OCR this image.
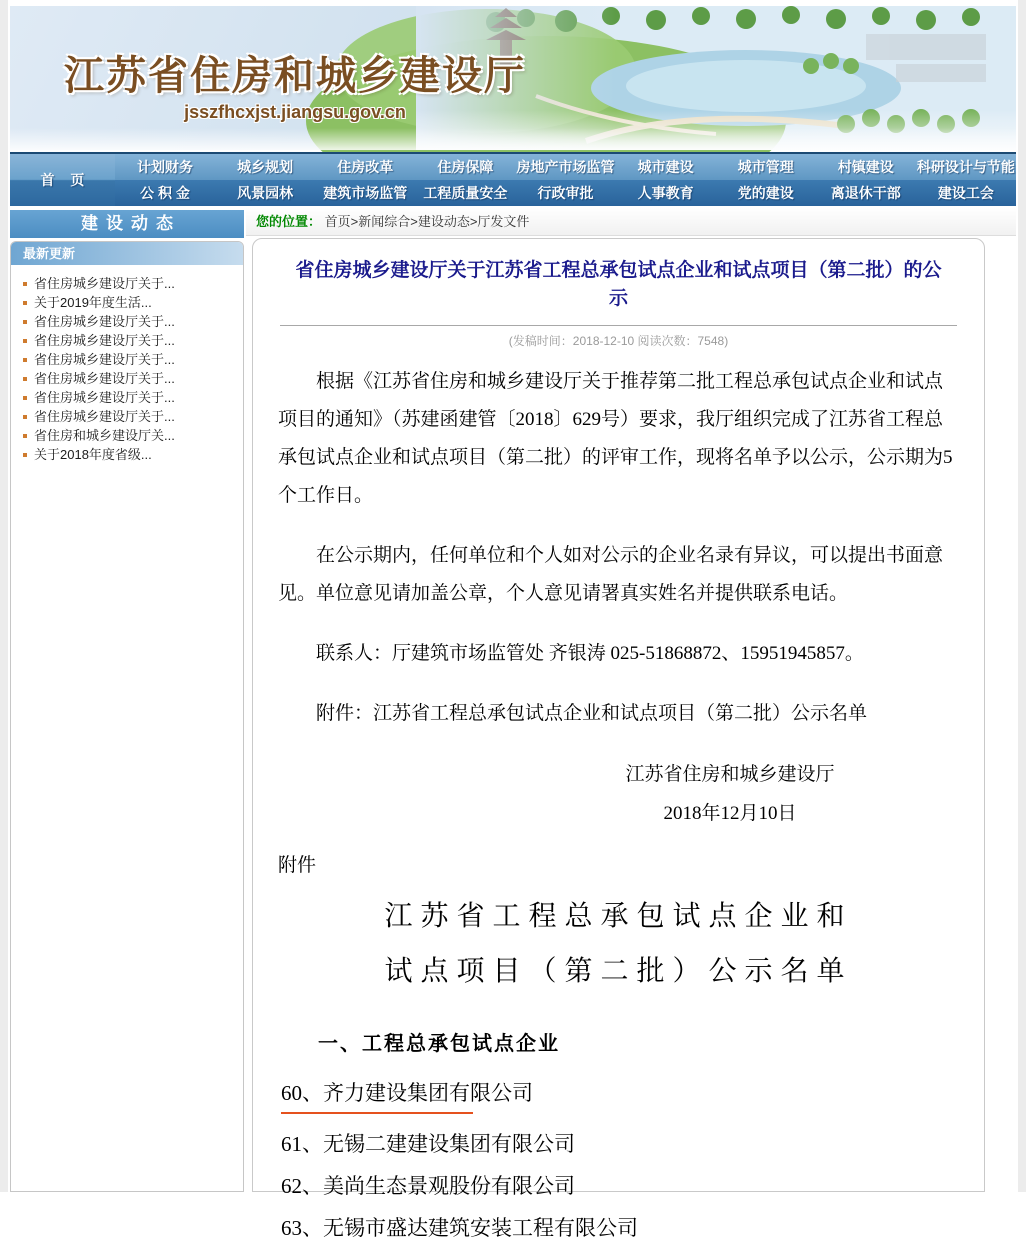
江苏省住房和城乡建设厅
jsszfhcxjst.jiangsu.gov.cn
首 页
计划财务	城乡规划	住房改革	住房保障	房地产市场监管	城市建设	城市管理	村镇建设	科研设计与节能
公 积 金	风景园林	建筑市场监管	工程质量安全	行政审批	人事教育	党的建设	离退休干部	建设工会
您的位置： 首页>新闻综合>建设动态>厅发文件
建设动态
最新更新
省住房城乡建设厅关于...
关于2019年度生活...
省住房城乡建设厅关于...
省住房城乡建设厅关于...
省住房城乡建设厅关于...
省住房城乡建设厅关于...
省住房城乡建设厅关于...
省住房城乡建设厅关于...
省住房和城乡建设厅关...
关于2018年度省级...
省住房城乡建设厅关于江苏省工程总承包试点企业和试点项目（第二批）的公示
(发稿时间：2018-12-10 阅读次数：7548)

根据《江苏省住房和城乡建设厅关于推荐第二批工程总承包试点企业和试点项目的通知》（苏建函建管〔2018〕629号）要求，我厅组织完成了江苏省工程总承包试点企业和试点项目（第二批）的评审工作，现将名单予以公示，公示期为5个工作日。

在公示期内，任何单位和个人如对公示的企业名录有异议，可以提出书面意见。单位意见请加盖公章，个人意见请署真实姓名并提供联系电话。

联系人：厅建筑市场监管处 齐银涛 025-51868872、15951945857。

附件：江苏省工程总承包试点企业和试点项目（第二批）公示名单

江苏省住房和城乡建设厅
2018年12月10日
附件
江苏省工程总承包试点企业和
试点项目（第二批）公示名单
一、工程总承包试点企业
60、齐力建设集团有限公司
61、无锡二建建设集团有限公司
62、美尚生态景观股份有限公司
63、无锡市盛达建筑安装工程有限公司
